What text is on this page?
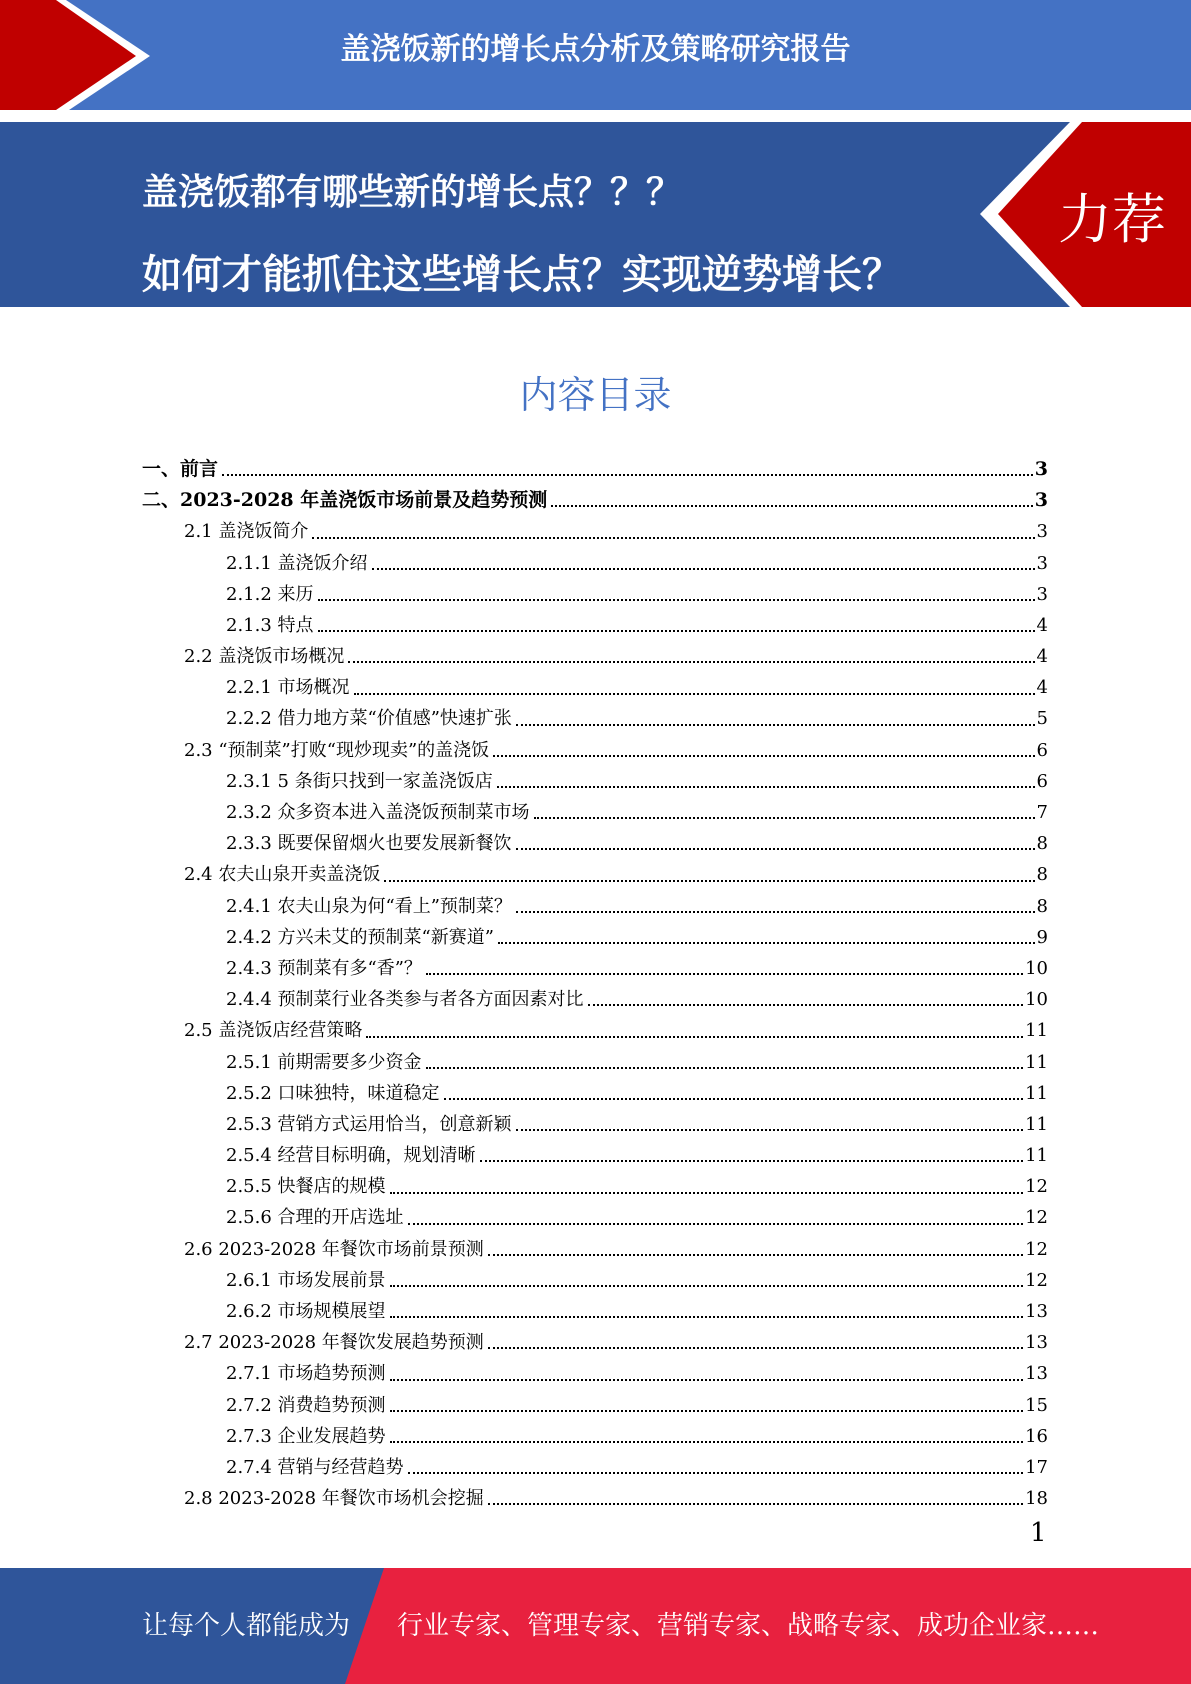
盖浇饭新的增长点分析及策略研究报告
盖浇饭都有哪些新的增长点？？？
如何才能抓住这些增长点？实现逆势增长？
力荐
内容目录
一、前言	3
二、2023-2028 年盖浇饭市场前景及趋势预测	3
2.1 盖浇饭简介	3
2.1.1 盖浇饭介绍	3
2.1.2 来历	3
2.1.3 特点	4
2.2 盖浇饭市场概况	4
2.2.1 市场概况	4
2.2.2 借力地方菜“价值感”快速扩张	5
2.3 “预制菜”打败“现炒现卖”的盖浇饭	6
2.3.1 5 条街只找到一家盖浇饭店	6
2.3.2 众多资本进入盖浇饭预制菜市场	7
2.3.3 既要保留烟火也要发展新餐饮	8
2.4 农夫山泉开卖盖浇饭	8
2.4.1 农夫山泉为何“看上”预制菜？	8
2.4.2 方兴未艾的预制菜“新赛道”	9
2.4.3 预制菜有多“香”？	10
2.4.4 预制菜行业各类参与者各方面因素对比	10
2.5 盖浇饭店经营策略	11
2.5.1 前期需要多少资金	11
2.5.2 口味独特，味道稳定	11
2.5.3 营销方式运用恰当，创意新颖	11
2.5.4 经营目标明确，规划清晰	11
2.5.5 快餐店的规模	12
2.5.6 合理的开店选址	12
2.6 2023-2028 年餐饮市场前景预测	12
2.6.1 市场发展前景	12
2.6.2 市场规模展望	13
2.7 2023-2028 年餐饮发展趋势预测	13
2.7.1 市场趋势预测	13
2.7.2 消费趋势预测	15
2.7.3 企业发展趋势	16
2.7.4 营销与经营趋势	17
2.8 2023-2028 年餐饮市场机会挖掘	18
1
让每个人都能成为 行业专家、管理专家、营销专家、战略专家、成功企业家……
